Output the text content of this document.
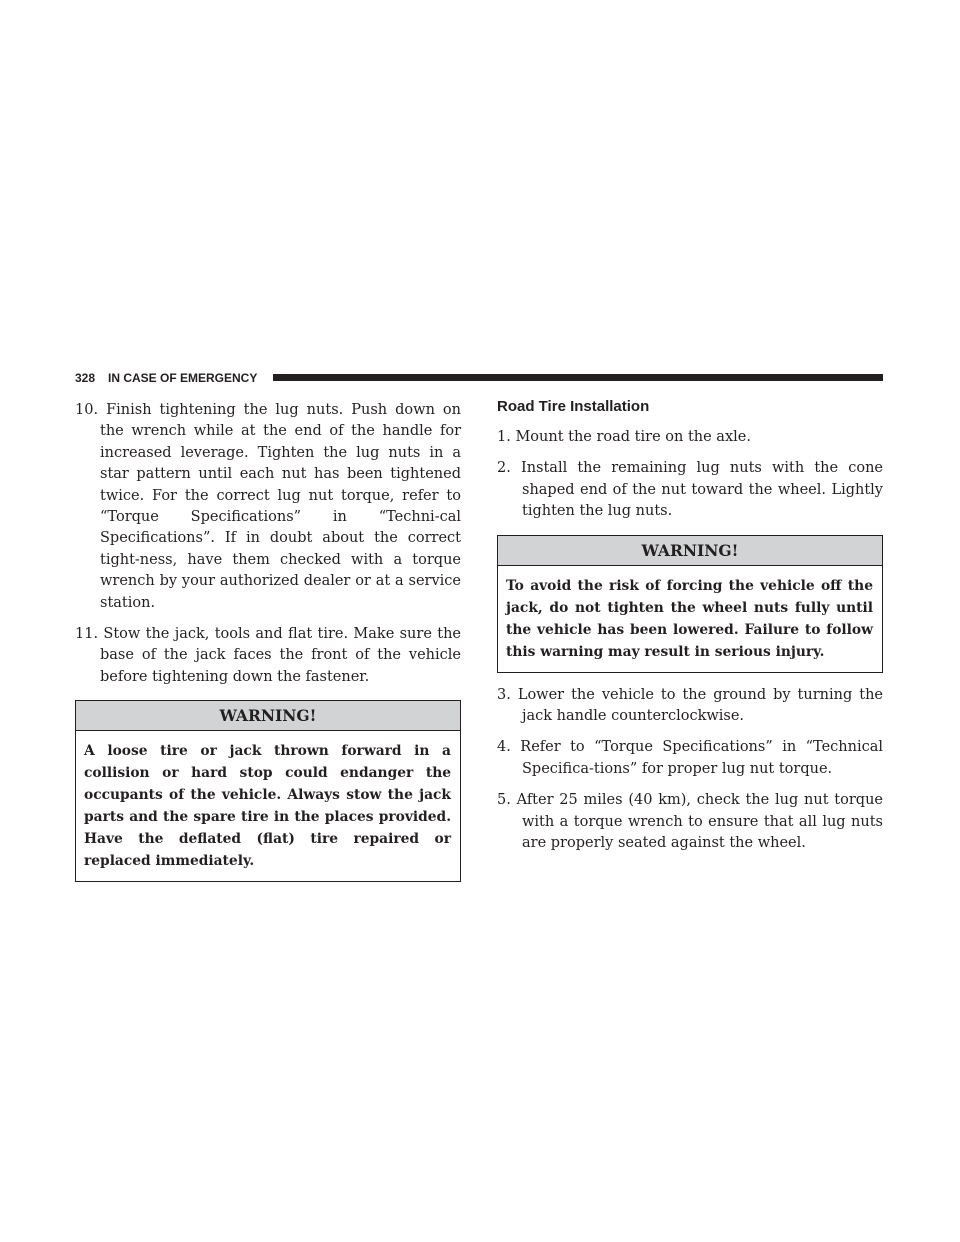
328 IN CASE OF EMERGENCY

10. Finish tightening the lug nuts. Push down on the wrench while at the end of the handle for increased leverage. Tighten the lug nuts in a star pattern until each nut has been tightened twice. For the correct lug nut torque, refer to “Torque Specifications” in “Techni-cal Specifications”. If in doubt about the correct tight-ness, have them checked with a torque wrench by your authorized dealer or at a service station.

11. Stow the jack, tools and flat tire. Make sure the base of the jack faces the front of the vehicle before tightening down the fastener.

WARNING!

A loose tire or jack thrown forward in a collision or hard stop could endanger the occupants of the vehicle. Always stow the jack parts and the spare tire in the places provided. Have the deflated (flat) tire repaired or replaced immediately.

Road Tire Installation

1. Mount the road tire on the axle.

2. Install the remaining lug nuts with the cone shaped end of the nut toward the wheel. Lightly tighten the lug nuts.

WARNING!

To avoid the risk of forcing the vehicle off the jack, do not tighten the wheel nuts fully until the vehicle has been lowered. Failure to follow this warning may result in serious injury.

3. Lower the vehicle to the ground by turning the jack handle counterclockwise.

4. Refer to “Torque Specifications” in “Technical Specifica-tions” for proper lug nut torque.

5. After 25 miles (40 km), check the lug nut torque with a torque wrench to ensure that all lug nuts are properly seated against the wheel.
